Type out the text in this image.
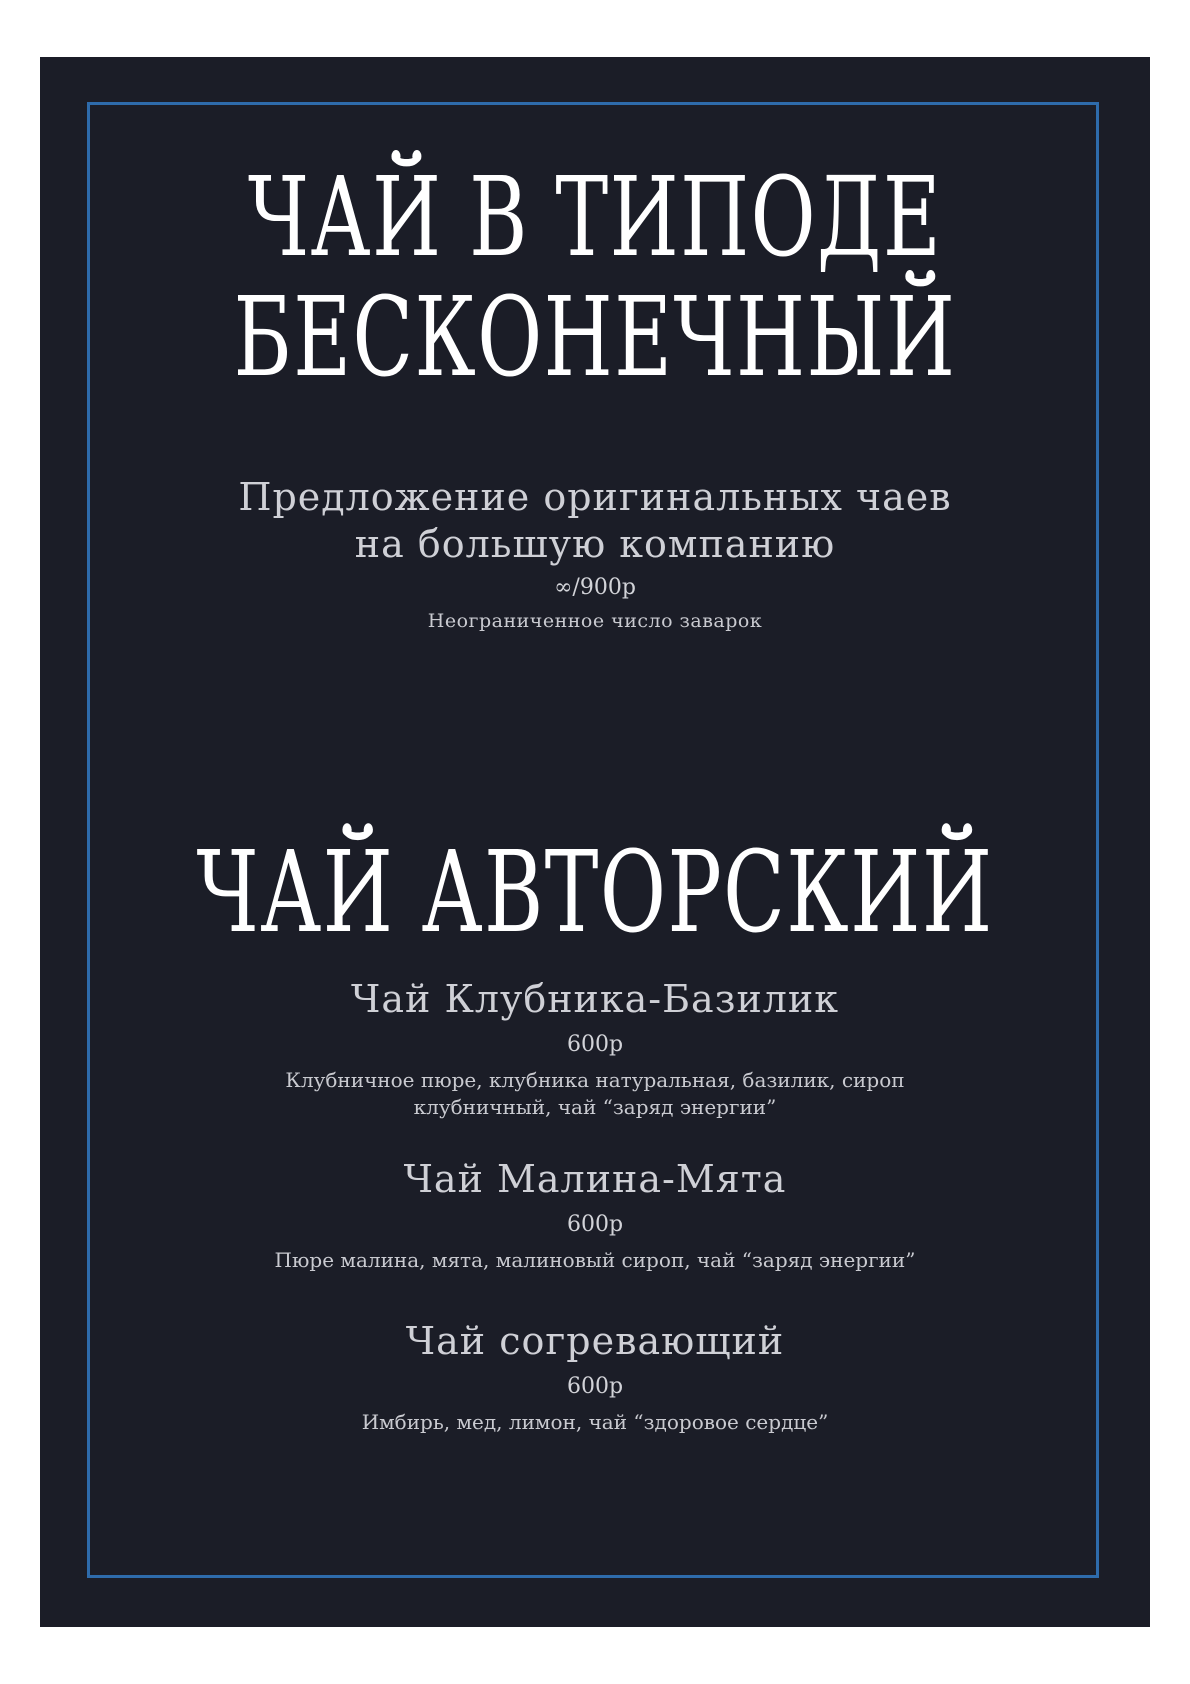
ЧАЙ В ТИПОДЕ
БЕСКОНЕЧНЫЙ
Предложение оригинальных чаев
на большую компанию
∞/900р
Неограниченное число заварок
ЧАЙ АВТОРСКИЙ
Чай Клубника-Базилик
600р
Клубничное пюре, клубника натуральная, базилик, сироп
клубничный, чай “заряд энергии”
Чай Малина-Мята
600р
Пюре малина, мята, малиновый сироп, чай “заряд энергии”
Чай согревающий
600р
Имбирь, мед, лимон, чай “здоровое сердце”
